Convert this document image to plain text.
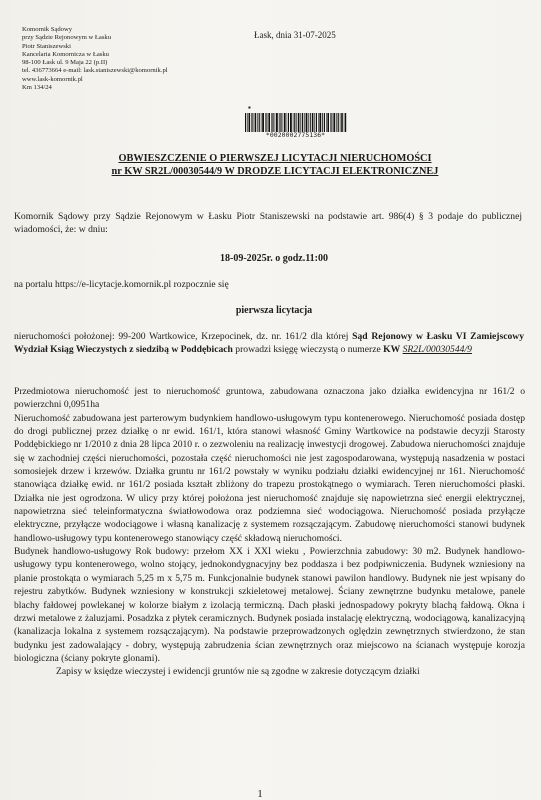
Komornik Sądowy
przy Sądzie Rejonowym w Łasku
Piotr Staniszewski
Kancelaria Komornicza w Łasku
98-100 Łask ul. 9 Maja 22 (p.II)
tel. 436773664 e-mail: lask.staniszewski@komornik.pl
www.lask-komornik.pl
Km 134/24
Łask, dnia 31-07-2025
▪
*0020002775136*
OBWIESZCZENIE O PIERWSZEJ LICYTACJI NIERUCHOMOŚCI
nr KW SR2L/00030544/9 W DRODZE LICYTACJI ELEKTRONICZNEJ
Komornik Sądowy przy Sądzie Rejonowym w Łasku Piotr Staniszewski na podstawie art. 986(4) § 3 podaje do publicznej wiadomości, że: w dniu:
18-09-2025r. o godz.11:00
na portalu https://e-licytacje.komornik.pl rozpocznie się
pierwsza licytacja
nieruchomości położonej: 99-200 Wartkowice, Krzepocinek, dz. nr. 161/2 dla której Sąd Rejonowy w Łasku VI Zamiejscowy Wydział Ksiąg Wieczystych z siedzibą w Poddębicach prowadzi księgę wieczystą o numerze KW SR2L/00030544/9

Przedmiotowa nieruchomość jest to nieruchomość gruntowa, zabudowana oznaczona jako działka ewidencyjna nr 161/2 o powierzchni 0,0951ha

Nieruchomość zabudowana jest parterowym budynkiem handlowo-usługowym typu kontenerowego. Nieruchomość posiada dostęp do drogi publicznej przez działkę o nr ewid. 161/1, która stanowi własność Gminy Wartkowice na podstawie decyzji Starosty Poddębickiego nr 1/2010 z dnia 28 lipca 2010 r. o zezwoleniu na realizację inwestycji drogowej. Zabudowa nieruchomości znajduje się w zachodniej części nieruchomości, pozostała część nieruchomości nie jest zagospodarowana, występują nasadzenia w postaci somosiejek drzew i krzewów. Działka gruntu nr 161/2 powstały w wyniku podziału działki ewidencyjnej nr 161. Nieruchomość stanowiąca działkę ewid. nr 161/2 posiada kształt zbliżony do trapezu prostokątnego o wymiarach. Teren nieruchomości płaski. Działka nie jest ogrodzona. W ulicy przy której położona jest nieruchomość znajduje się napowietrzna sieć energii elektrycznej, napowietrzna sieć teleinformatyczna światłowodowa oraz podziemna sieć wodociągowa. Nieruchomość posiada przyłącze elektryczne, przyłącze wodociągowe i własną kanalizację z systemem rozsączającym. Zabudowę nieruchomości stanowi budynek handlowo-usługowy typu kontenerowego stanowiący część składową nieruchomości.

Budynek handlowo-usługowy Rok budowy: przełom XX i XXI wieku , Powierzchnia zabudowy: 30 m2. Budynek handlowo-usługowy typu kontenerowego, wolno stojący, jednokondygnacyjny bez poddasza i bez podpiwniczenia. Budynek wzniesiony na planie prostokąta o wymiarach 5,25 m x 5,75 m. Funkcjonalnie budynek stanowi pawilon handlowy. Budynek nie jest wpisany do rejestru zabytków. Budynek wzniesiony w konstrukcji szkieletowej metalowej. Ściany zewnętrzne budynku metalowe, panele blachy fałdowej powlekanej w kolorze białym z izolacją termiczną. Dach płaski jednospadowy pokryty blachą fałdową. Okna i drzwi metalowe z żaluzjami. Posadzka z płytek ceramicznych. Budynek posiada instalację elektryczną, wodociągową, kanalizacyjną (kanalizacja lokalna z systemem rozsączającym). Na podstawie przeprowadzonych oględzin zewnętrznych stwierdzono, że stan budynku jest zadowalający - dobry, występują zabrudzenia ścian zewnętrznych oraz miejscowo na ścianach występuje korozja biologiczna (ściany pokryte glonami).

Zapisy w księdze wieczystej i ewidencji gruntów nie są zgodne w zakresie dotyczącym działki

1
